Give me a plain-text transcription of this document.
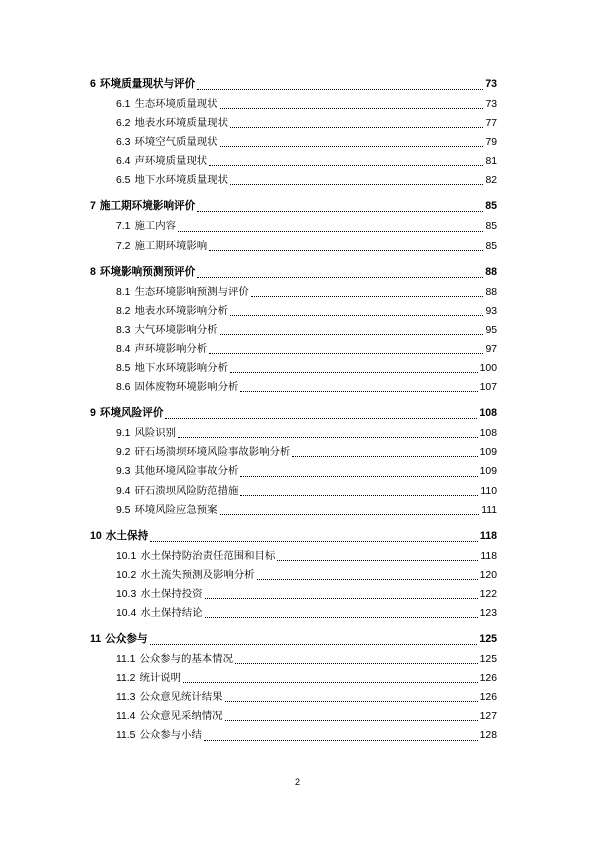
6 环境质量现状与评价	73
6.1 生态环境质量现状	73
6.2 地表水环境质量现状	77
6.3 环境空气质量现状	79
6.4 声环境质量现状	81
6.5 地下水环境质量现状	82
7 施工期环境影响评价	85
7.1 施工内容	85
7.2 施工期环境影响	85
8 环境影响预测预评价	88
8.1 生态环境影响预测与评价	88
8.2 地表水环境影响分析	93
8.3 大气环境影响分析	95
8.4 声环境影响分析	97
8.5 地下水环境影响分析	100
8.6 固体废物环境影响分析	107
9 环境风险评价	108
9.1 风险识别	108
9.2 矸石场溃坝环境风险事故影响分析	109
9.3 其他环境风险事故分析	109
9.4 矸石溃坝风险防范措施	110
9.5 环境风险应急预案	111
10 水土保持	118
10.1 水土保持防治责任范围和目标	118
10.2 水土流失预测及影响分析	120
10.3 水土保持投资	122
10.4 水土保持结论	123
11 公众参与	125
11.1 公众参与的基本情况	125
11.2 统计说明	126
11.3 公众意见统计结果	126
11.4 公众意见采纳情况	127
11.5 公众参与小结	128
2
